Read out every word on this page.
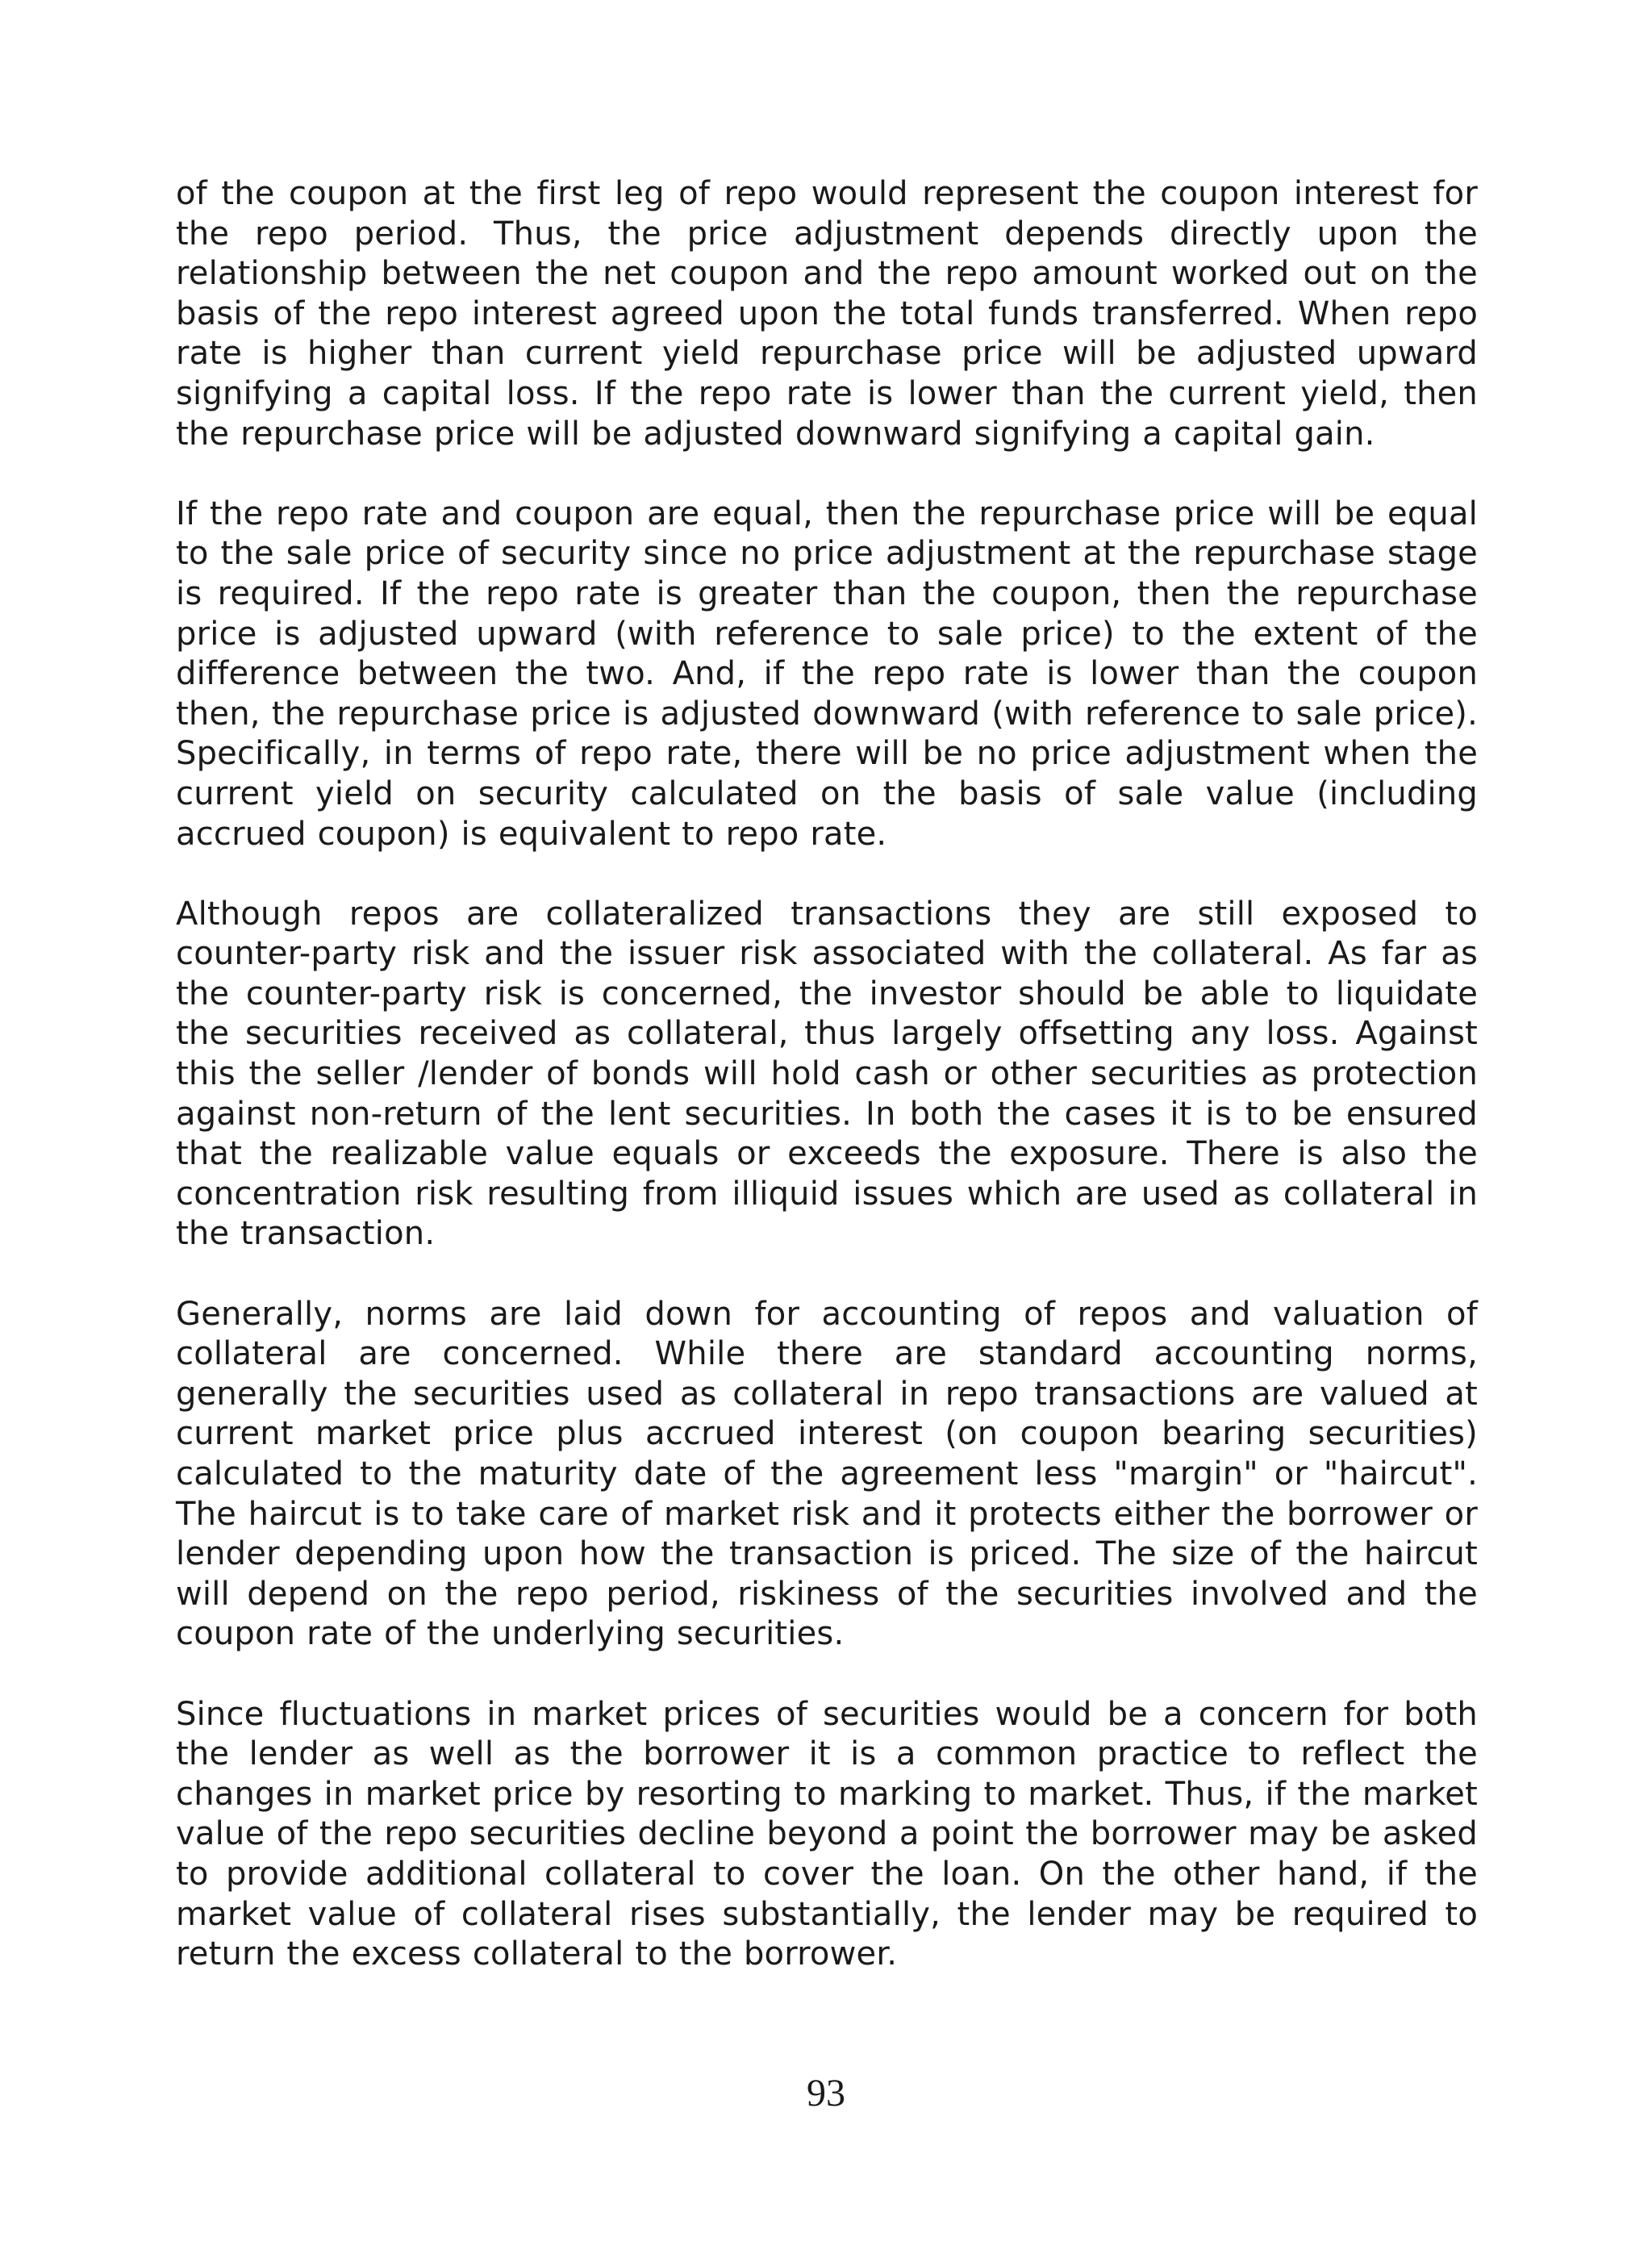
of the coupon at the first leg of repo would represent the coupon interest for the repo period. Thus, the price adjustment depends directly upon the relationship between the net coupon and the repo amount worked out on the basis of the repo interest agreed upon the total funds transferred. When repo rate is higher than current yield repurchase price will be adjusted upward signifying a capital loss. If the repo rate is lower than the current yield, then the repurchase price will be adjusted downward signifying a capital gain.

If the repo rate and coupon are equal, then the repurchase price will be equal to the sale price of security since no price adjustment at the repurchase stage is required. If the repo rate is greater than the coupon, then the repurchase price is adjusted upward (with reference to sale price) to the extent of the difference between the two. And, if the repo rate is lower than the coupon then, the repurchase price is adjusted downward (with reference to sale price). Specifically, in terms of repo rate, there will be no price adjustment when the current yield on security calculated on the basis of sale value (including accrued coupon) is equivalent to repo rate.

Although repos are collateralized transactions they are still exposed to counter-party risk and the issuer risk associated with the collateral. As far as the counter-party risk is concerned, the investor should be able to liquidate the securities received as collateral, thus largely offsetting any loss. Against this the seller /lender of bonds will hold cash or other securities as protection against non-return of the lent securities. In both the cases it is to be ensured that the realizable value equals or exceeds the exposure. There is also the concentration risk resulting from illiquid issues which are used as collateral in the transaction.

Generally, norms are laid down for accounting of repos and valuation of collateral are concerned. While there are standard accounting norms, generally the securities used as collateral in repo transactions are valued at current market price plus accrued interest (on coupon bearing securities) calculated to the maturity date of the agreement less "margin" or "haircut". The haircut is to take care of market risk and it protects either the borrower or lender depending upon how the transaction is priced. The size of the haircut will depend on the repo period, riskiness of the securities involved and the coupon rate of the underlying securities.

Since fluctuations in market prices of securities would be a concern for both the lender as well as the borrower it is a common practice to reflect the changes in market price by resorting to marking to market. Thus, if the market value of the repo securities decline beyond a point the borrower may be asked to provide additional collateral to cover the loan. On the other hand, if the market value of collateral rises substantially, the lender may be required to return the excess collateral to the borrower.

93
